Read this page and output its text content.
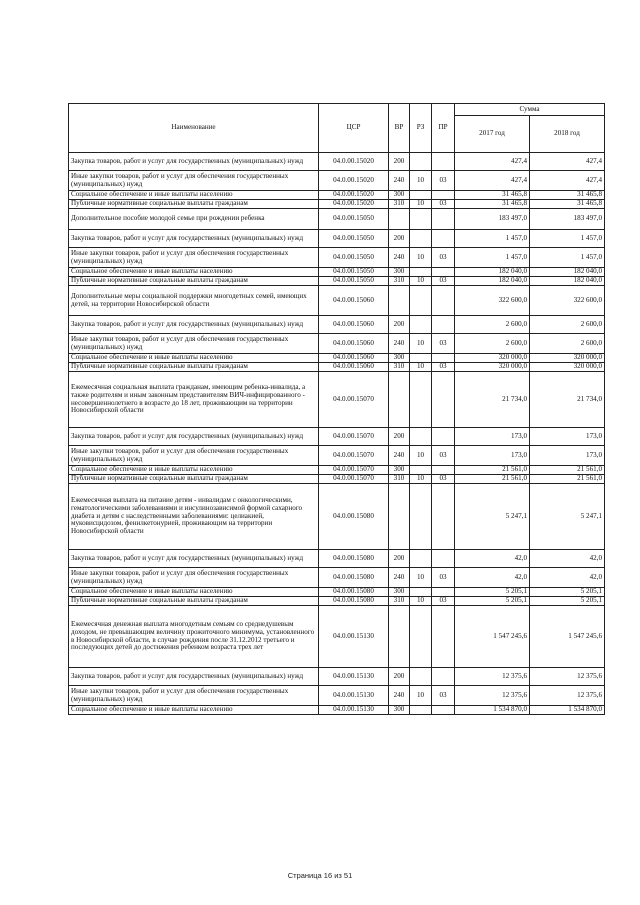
Наименование	ЦСР	ВР	РЗ	ПР	Сумма	
					2017 год	2018 год
Закупка товаров, работ и услуг для государственных (муниципальных) нужд	04.0.00.15020	200			427,4	427,4
Иные закупки товаров, работ и услуг для обеспечения государственных (муниципальных) нужд	04.0.00.15020	240	10	03	427,4	427,4
Социальное обеспечение и иные выплаты населению	04.0.00.15020	300			31 465,8	31 465,8
Публичные нормативные социальные выплаты гражданам	04.0.00.15020	310	10	03	31 465,8	31 465,8
Дополнительное пособие молодой семье при рождении ребенка	04.0.00.15050				183 497,0	183 497,0
Закупка товаров, работ и услуг для государственных (муниципальных) нужд	04.0.00.15050	200			1 457,0	1 457,0
Иные закупки товаров, работ и услуг для обеспечения государственных (муниципальных) нужд	04.0.00.15050	240	10	03	1 457,0	1 457,0
Социальное обеспечение и иные выплаты населению	04.0.00.15050	300			182 040,0	182 040,0
Публичные нормативные социальные выплаты гражданам	04.0.00.15050	310	10	03	182 040,0	182 040,0
Дополнительные меры социальной поддержки многодетных семей, имеющих детей, на территории Новосибирской области	04.0.00.15060				322 600,0	322 600,0
Закупка товаров, работ и услуг для государственных (муниципальных) нужд	04.0.00.15060	200			2 600,0	2 600,0
Иные закупки товаров, работ и услуг для обеспечения государственных (муниципальных) нужд	04.0.00.15060	240	10	03	2 600,0	2 600,0
Социальное обеспечение и иные выплаты населению	04.0.00.15060	300			320 000,0	320 000,0
Публичные нормативные социальные выплаты гражданам	04.0.00.15060	310	10	03	320 000,0	320 000,0
Ежемесячная социальная выплата гражданам, имеющим ребенка-инвалида, а также родителям и иным законным представителям ВИЧ-инфицированного - несовершеннолетнего в возрасте до 18 лет, проживающим на территории Новосибирской области	04.0.00.15070				21 734,0	21 734,0
Закупка товаров, работ и услуг для государственных (муниципальных) нужд	04.0.00.15070	200			173,0	173,0
Иные закупки товаров, работ и услуг для обеспечения государственных (муниципальных) нужд	04.0.00.15070	240	10	03	173,0	173,0
Социальное обеспечение и иные выплаты населению	04.0.00.15070	300			21 561,0	21 561,0
Публичные нормативные социальные выплаты гражданам	04.0.00.15070	310	10	03	21 561,0	21 561,0
Ежемесячная выплата на питание детям - инвалидам с онкологическими, гематологическими заболеваниями и инсулинозависимой формой сахарного диабета и детям с наследственными заболеваниями: целиакией, муковисцидозом, фенилкетонурией, проживающим на территории Новосибирской области	04.0.00.15080				5 247,1	5 247,1
Закупка товаров, работ и услуг для государственных (муниципальных) нужд	04.0.00.15080	200			42,0	42,0
Иные закупки товаров, работ и услуг для обеспечения государственных (муниципальных) нужд	04.0.00.15080	240	10	03	42,0	42,0
Социальное обеспечение и иные выплаты населению	04.0.00.15080	300			5 205,1	5 205,1
Публичные нормативные социальные выплаты гражданам	04.0.00.15080	310	10	03	5 205,1	5 205,1
Ежемесячная денежная выплата многодетным семьям со среднедушевым доходом, не превышающим величину прожиточного минимума, установленного в Новосибирской области, в случае рождения после 31.12.2012 третьего и последующих детей до достижения ребенком возраста трех лет	04.0.00.15130				1 547 245,6	1 547 245,6
Закупка товаров, работ и услуг для государственных (муниципальных) нужд	04.0.00.15130	200			12 375,6	12 375,6
Иные закупки товаров, работ и услуг для обеспечения государственных (муниципальных) нужд	04.0.00.15130	240	10	03	12 375,6	12 375,6
Социальное обеспечение и иные выплаты населению	04.0.00.15130	300			1 534 870,0	1 534 870,0
Страница 16 из 51
